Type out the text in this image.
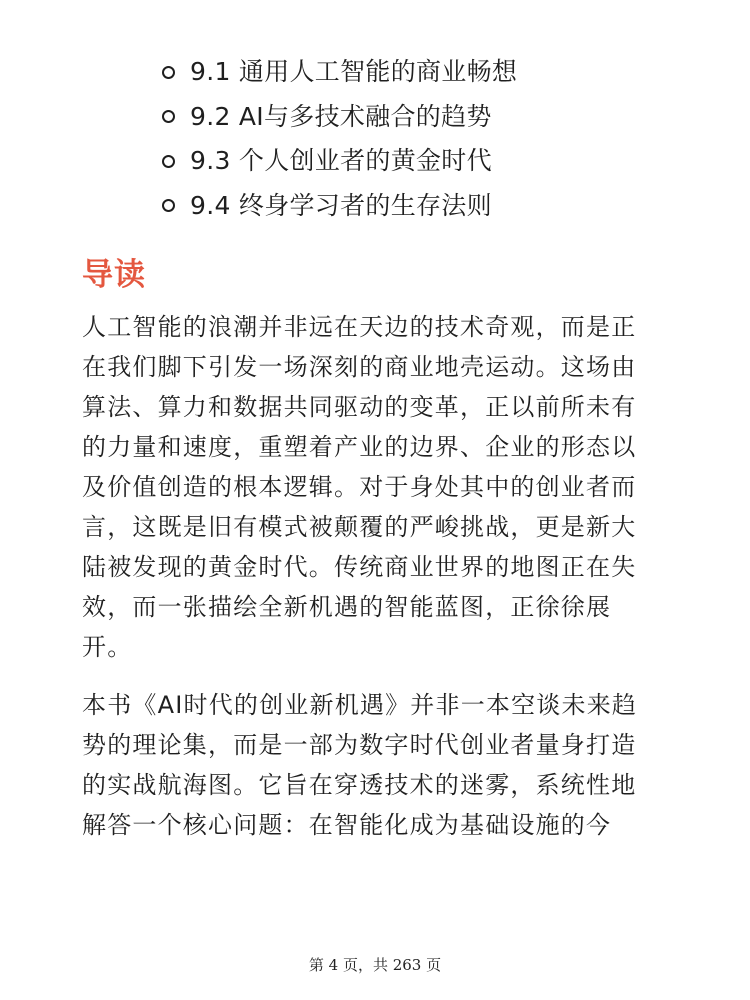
9.1 通用人工智能的商业畅想
9.2 AI与多技术融合的趋势
9.3 个人创业者的黄金时代
9.4 终身学习者的生存法则
导读
人工智能的浪潮并非远在天边的技术奇观，而是正
在我们脚下引发一场深刻的商业地壳运动。这场由
算法、算力和数据共同驱动的变革，正以前所未有
的力量和速度，重塑着产业的边界、企业的形态以
及价值创造的根本逻辑。对于身处其中的创业者而
言，这既是旧有模式被颠覆的严峻挑战，更是新大
陆被发现的黄金时代。传统商业世界的地图正在失
效，而一张描绘全新机遇的智能蓝图，正徐徐展
开。
本书《AI时代的创业新机遇》并非一本空谈未来趋
势的理论集，而是一部为数字时代创业者量身打造
的实战航海图。它旨在穿透技术的迷雾，系统性地
解答一个核心问题：在智能化成为基础设施的今
第 4 页，共 263 页
